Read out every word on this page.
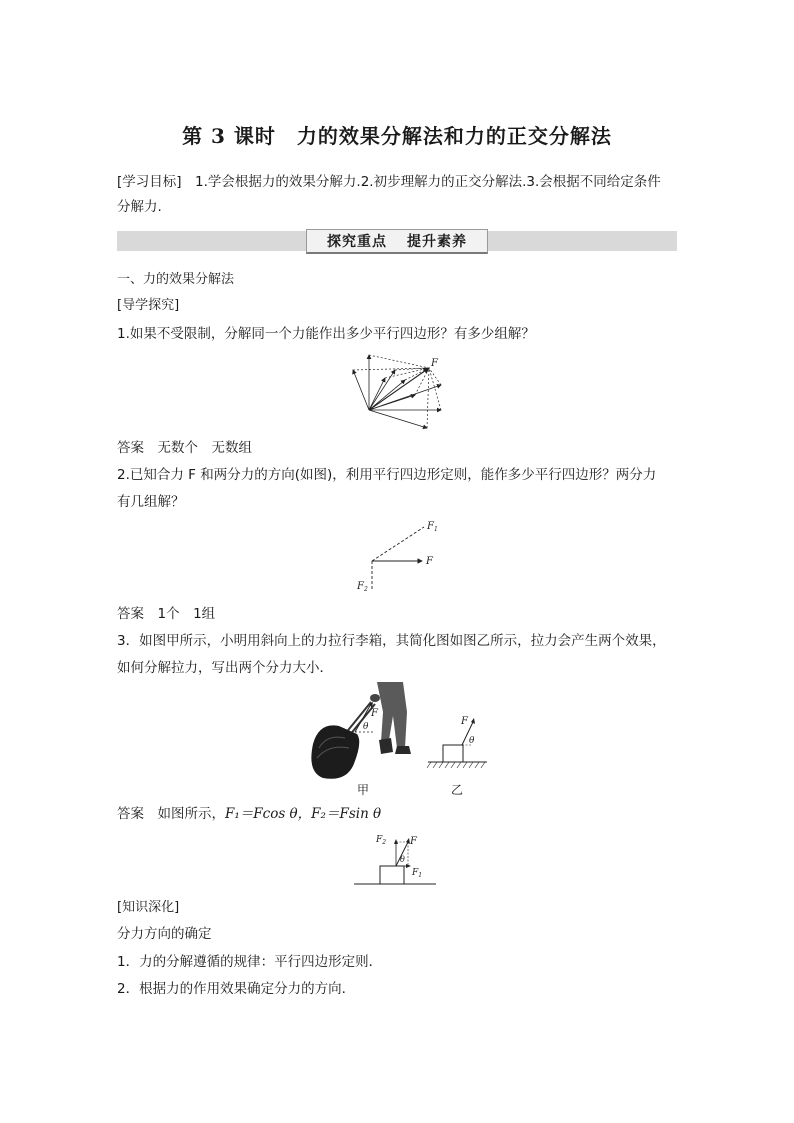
第 3 课时　力的效果分解法和力的正交分解法
[学习目标]　 1.学会根据力的效果分解力.2.初步理解力的正交分解法.3.会根据不同给定条件
分解力.
探究重点 提升素养
一、力的效果分解法
[导学探究]
1.如果不受限制，分解同一个力能作出多少平行四边形？有多少组解？
F
答案　 无数个　无数组
2.已知合力 F 和两分力的方向(如图)，利用平行四边形定则，能作多少平行四边形？两分力
有几组解？
F
$F_1$
$F_2$
答案　 1个　1组
3．如图甲所示，小明用斜向上的力拉行李箱，其简化图如图乙所示，拉力会产生两个效果，
如何分解拉力，写出两个分力大小．
F
θ	F
θ
甲	乙
答案　 如图所示，F₁＝Fcos θ，F₂＝Fsin θ
F
$F_2$
$F_1$
θ
[知识深化]
分力方向的确定
1．力的分解遵循的规律：平行四边形定则．
2．根据力的作用效果确定分力的方向．
